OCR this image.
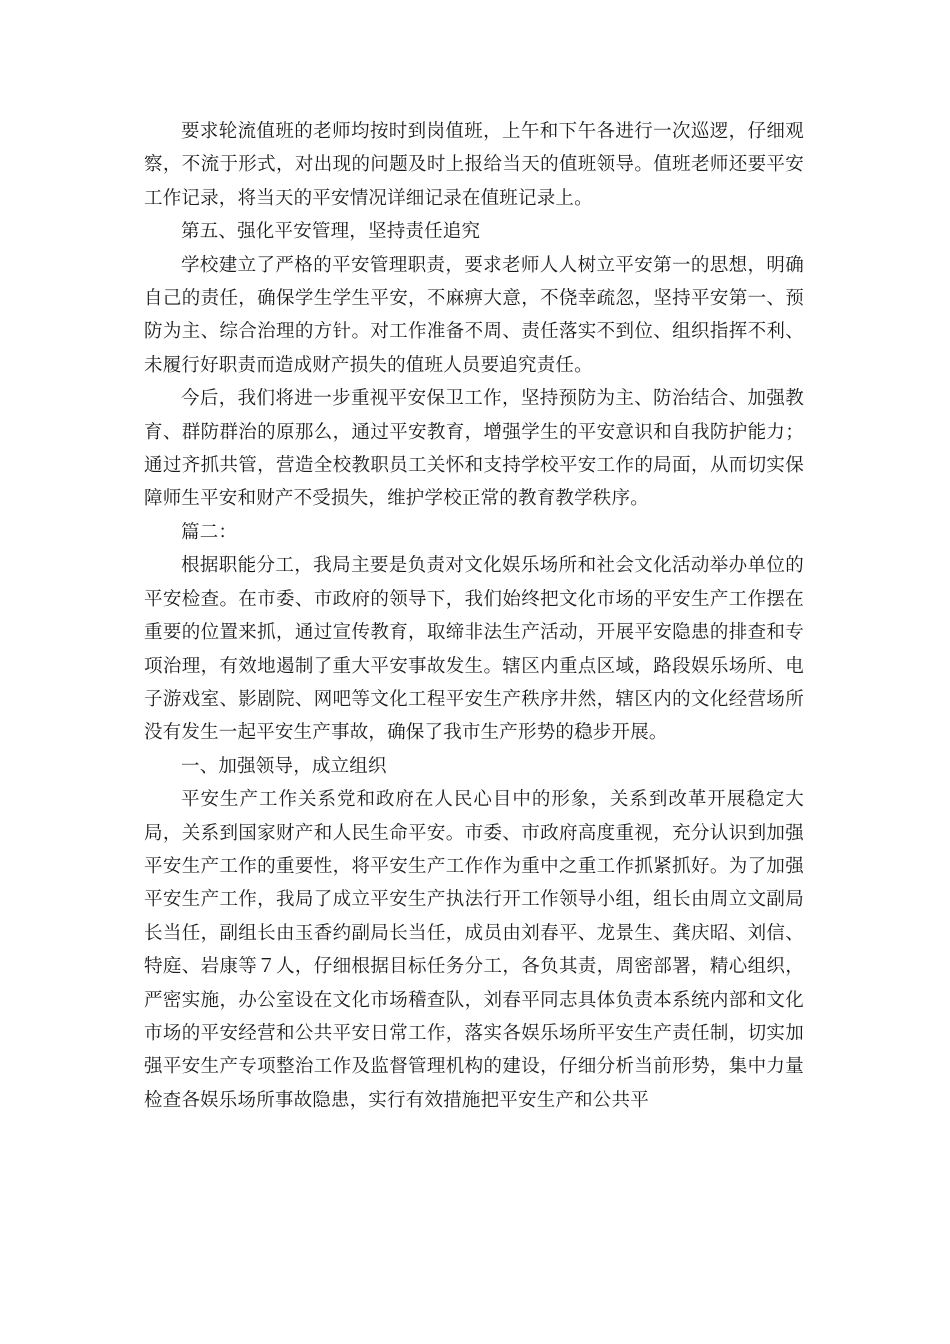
要求轮流值班的老师均按时到岗值班，上午和下午各进行一次巡逻，仔细观察，不流于形式，对出现的问题及时上报给当天的值班领导。值班老师还要平安工作记录，将当天的平安情况详细记录在值班记录上。

第五、强化平安管理，坚持责任追究

学校建立了严格的平安管理职责，要求老师人人树立平安第一的思想，明确自己的责任，确保学生学生平安，不麻痹大意，不侥幸疏忽，坚持平安第一、预防为主、综合治理的方针。对工作准备不周、责任落实不到位、组织指挥不利、未履行好职责而造成财产损失的值班人员要追究责任。

今后，我们将进一步重视平安保卫工作，坚持预防为主、防治结合、加强教育、群防群治的原那么，通过平安教育，增强学生的平安意识和自我防护能力；通过齐抓共管，营造全校教职员工关怀和支持学校平安工作的局面，从而切实保障师生平安和财产不受损失，维护学校正常的教育教学秩序。

篇二：

根据职能分工，我局主要是负责对文化娱乐场所和社会文化活动举办单位的平安检查。在市委、市政府的领导下，我们始终把文化市场的平安生产工作摆在重要的位置来抓，通过宣传教育，取缔非法生产活动，开展平安隐患的排查和专项治理，有效地遏制了重大平安事故发生。辖区内重点区域，路段娱乐场所、电子游戏室、影剧院、网吧等文化工程平安生产秩序井然，辖区内的文化经营场所没有发生一起平安生产事故，确保了我市生产形势的稳步开展。

一、加强领导，成立组织

平安生产工作关系党和政府在人民心目中的形象，关系到改革开展稳定大局，关系到国家财产和人民生命平安。市委、市政府高度重视，充分认识到加强平安生产工作的重要性，将平安生产工作作为重中之重工作抓紧抓好。为了加强平安生产工作，我局了成立平安生产执法行开工作领导小组，组长由周立文副局长当任，副组长由玉香约副局长当任，成员由刘春平、龙景生、龚庆昭、刘信、特庭、岩康等７人，仔细根据目标任务分工，各负其责，周密部署，精心组织，严密实施，办公室设在文化市场稽查队，刘春平同志具体负责本系统内部和文化市场的平安经营和公共平安日常工作，落实各娱乐场所平安生产责任制，切实加强平安生产专项整治工作及监督管理机构的建设，仔细分析当前形势，集中力量检查各娱乐场所事故隐患，实行有效措施把平安生产和公共平
